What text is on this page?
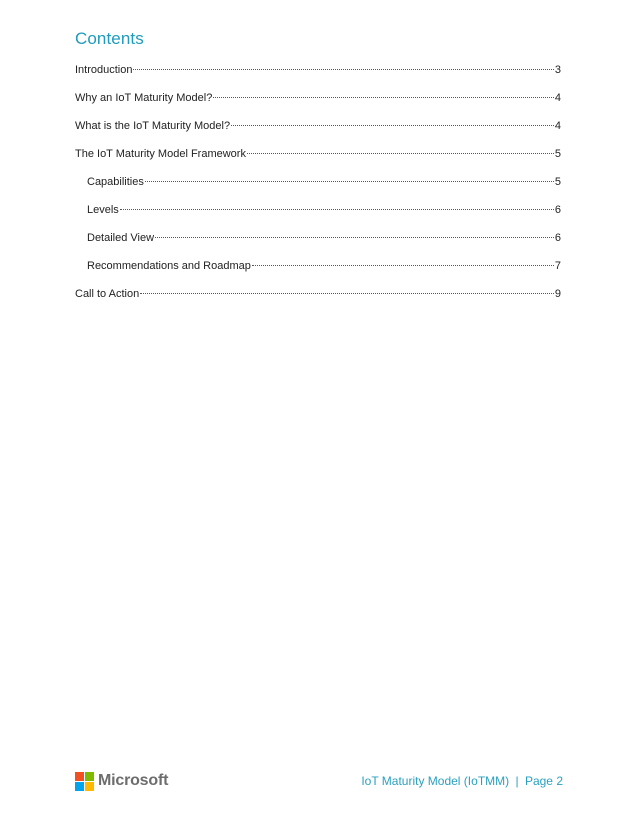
Contents
Introduction	3
Why an IoT Maturity Model?	4
What is the IoT Maturity Model?	4
The IoT Maturity Model Framework	5
Capabilities	5
Levels	6
Detailed View	6
Recommendations and Roadmap	7
Call to Action	9
Microsoft	IoT Maturity Model (IoTMM) | Page 2
